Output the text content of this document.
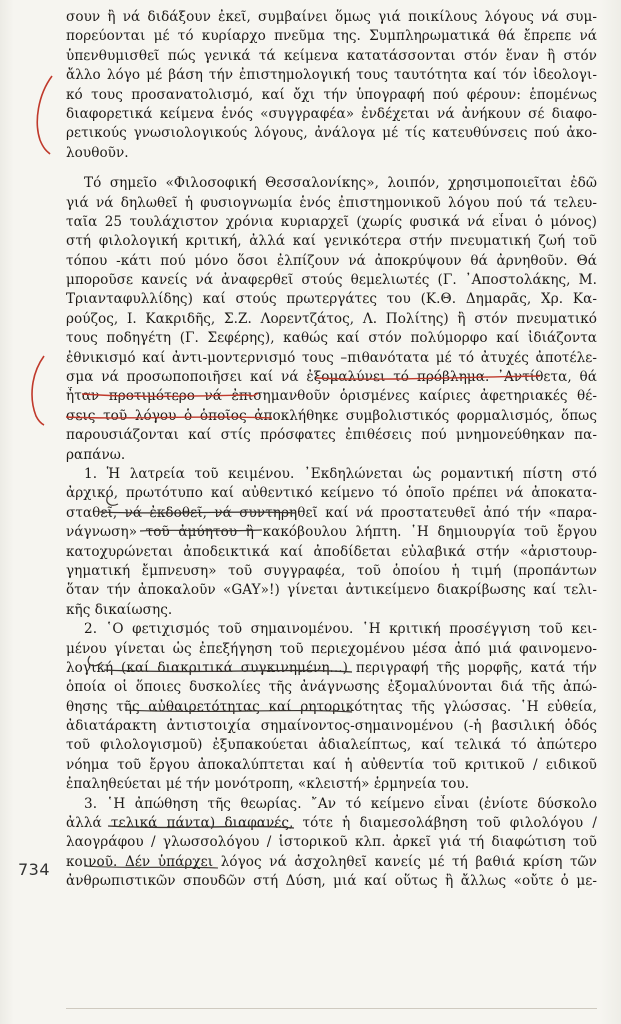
σουν ἢ νά διδάξουν ἐκεῖ, συμβαίνει ὅμως γιά ποικίλους λόγους νά συμ-
πορεύονται μέ τό κυρίαρχο πνεῦμα της. Συμπληρωματικά θά ἔπρεπε νά
ὑπενθυμισθεῖ πώς γενικά τά κείμενα κατατάσσονται στόν ἕναν ἢ στόν
ἄλλο λόγο μέ βάση τήν ἐπιστημολογική τους ταυτότητα καί τόν ἰδεολογι-
κό τους προσανατολισμό, καί ὄχι τήν ὑπογραφή πού φέρουν: ἑπομένως
διαφορετικά κείμενα ἑνός «συγγραφέα» ἐνδέχεται νά ἀνήκουν σέ διαφο-
ρετικούς γνωσιολογικούς λόγους, ἀνάλογα μέ τίς κατευθύνσεις πού ἀκο-
λουθοῦν.
Τό σημεῖο «Φιλοσοφική Θεσσαλονίκης», λοιπόν, χρησιμοποιεῖται ἐδῶ
γιά νά δηλωθεῖ ἡ φυσιογνωμία ἑνός ἐπιστημονικοῦ λόγου πού τά τελευ-
ταῖα 25 τουλάχιστον χρόνια κυριαρχεῖ (χωρίς φυσικά νά εἶναι ὁ μόνος)
στή φιλολογική κριτική, ἀλλά καί γενικότερα στήν πνευματική ζωή τοῦ
τόπου -κάτι πού μόνο ὅσοι ἐλπίζουν νά ἀποκρύψουν θά ἀρνηθοῦν. Θά
μποροῦσε κανείς νά ἀναφερθεῖ στούς θεμελιωτές (Γ. ᾿Αποστολάκης, Μ.
Τριανταφυλλίδης) καί στούς πρωτεργάτες του (Κ.Θ. Δημαρᾶς, Χρ. Κα-
ρούζος, Ι. Κακριδῆς, Σ.Ζ. Λορεντζάτος, Λ. Πολίτης) ἢ στόν πνευματικό
τους ποδηγέτη (Γ. Σεφέρης), καθώς καί στόν πολύμορφο καί ἰδιάζοντα
ἐθνικισμό καί ἀντι-μοντερνισμό τους –πιθανότατα μέ τό ἀτυχές ἀποτέλε-
σμα νά προσωποποιῆσει καί νά ἐξομαλύνει τό πρόβλημα. ᾿Αντίθετα, θά
ἦταν προτιμότερο νά ἐπισημανθοῦν ὁρισμένες καίριες ἀφετηριακές θέ-
σεις τοῦ λόγου ὁ ὁποῖος ἀποκλήθηκε συμβολιστικός φορμαλισμός, ὅπως
παρουσιάζονται καί στίς πρόσφατες ἐπιθέσεις πού μνημονεύθηκαν πα-
ραπάνω.
1. Ἡ λατρεία τοῦ κειμένου. ᾿Εκδηλώνεται ὡς ρομαντική πίστη στό
ἀρχικό, πρωτότυπο καί αὐθεντικό κείμενο τό ὁποῖο πρέπει νά ἀποκατα-
σταθεῖ, νά ἐκδοθεῖ, νά συντηρηθεῖ καί νά προστατευθεῖ ἀπό τήν «παρα-
νάγνωση» τοῦ ἀμύητου ἢ κακόβουλου λήπτη. ῾Η δημιουργία τοῦ ἔργου
κατοχυρώνεται ἀποδεικτικά καί ἀποδίδεται εὐλαβικά στήν «ἀριστουρ-
γηματική ἔμπνευση» τοῦ συγγραφέα, τοῦ ὁποίου ἡ τιμή (προπάντων
ὅταν τήν ἀποκαλοῦν «GAY»!) γίνεται ἀντικείμενο διακρίβωσης καί τελι-
κῆς δικαίωσης.
2. ῾Ο φετιχισμός τοῦ σημαινομένου. ῾Η κριτική προσέγγιση τοῦ κει-
μένου γίνεται ὡς ἐπεξήγηση τοῦ περιεχομένου μέσα ἀπό μιά φαινομενο-
λογική (καί διακριτικά συγκινημένη...) περιγραφή τῆς μορφῆς, κατά τήν
ὁποία οἱ ὅποιες δυσκολίες τῆς ἀνάγνωσης ἐξομαλύνονται διά τῆς ἀπώ-
θησης τῆς αὐθαιρετότητας καί ρητορικότητας τῆς γλώσσας. ῾Η εὐθεία,
ἀδιατάρακτη ἀντιστοιχία σημαίνοντος-σημαινομένου (-ἡ βασιλική ὁδός
τοῦ φιλολογισμοῦ) ἐξυπακούεται ἀδιαλείπτως, καί τελικά τό ἀπώτερο
νόημα τοῦ ἔργου ἀποκαλύπτεται καί ἡ αὐθεντία τοῦ κριτικοῦ / ειδικοῦ
ἐπαληθεύεται μέ τήν μονότροπη, «κλειστή» ἑρμηνεία του.
3. ῾Η ἀπώθηση τῆς θεωρίας. ῎Αν τό κείμενο εἶναι (ἐνίοτε δύσκολο
ἀλλά τελικά πάντα) διαφανές, τότε ἡ διαμεσολάβηση τοῦ φιλολόγου /
λαογράφου / γλωσσολόγου / ἱστορικοῦ κλπ. ἀρκεῖ γιά τή διαφώτιση τοῦ
κοινοῦ. Δέν ὑπάρχει λόγος νά ἀσχοληθεῖ κανείς μέ τή βαθιά κρίση τῶν
ἀνθρωπιστικῶν σπουδῶν στή Δύση, μιά καί οὕτως ἢ ἄλλως «οὔτε ὁ με-
734
